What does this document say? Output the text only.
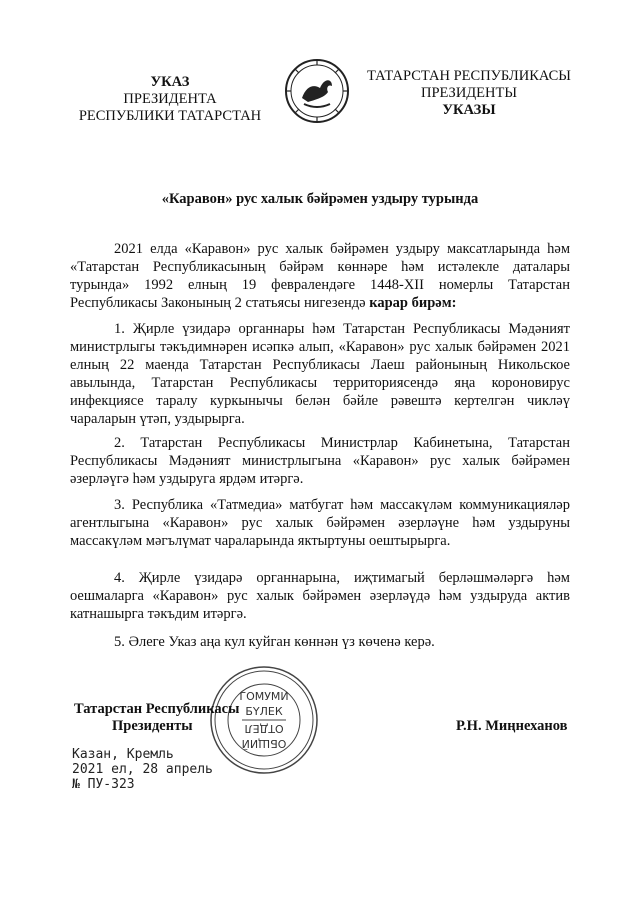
УКАЗ
ПРЕЗИДЕНТА
РЕСПУБЛИКИ ТАТАРСТАН
ТАТАРСТАН РЕСПУБЛИКАСЫ
ПРЕЗИДЕНТЫ
УКАЗЫ
«Каравон» рус халык бәйрәмен уздыру турында
2021 елда «Каравон» рус халык бәйрәмен уздыру максатларында һәм «Татарстан Республикасының бәйрәм көннәре һәм истәлекле даталары турында» 1992 елның 19 февралендәге 1448-XII номерлы Татарстан Республикасы Законының 2 статьясы нигезендә карар бирәм:
1. Җирле үзидарә органнары һәм Татарстан Республикасы Мәдәният министрлыгы тәкъдимнәрен исәпкә алып, «Каравон» рус халык бәйрәмен 2021 елның 22 маенда Татарстан Республикасы Лаеш районының Никольское авылында, Татарстан Республикасы территориясендә яңа короновирус инфекциясе таралу куркынычы белән бәйле рәвештә кертелгән чикләү чараларын үтәп, уздырырга.
2. Татарстан Республикасы Министрлар Кабинетына, Татарстан Республикасы Мәдәният министрлыгына «Каравон» рус халык бәйрәмен әзерләүгә һәм уздыруга ярдәм итәргә.
3. Республика «Татмедиа» матбугат һәм массакүләм коммуникацияләр агентлыгына «Каравон» рус халык бәйрәмен әзерләүне һәм уздыруны массакүләм мәгълүмат чараларында яктыртуны оештырырга.
4. Җирле үзидарә органнарына, иҗтимагый берләшмәләргә һәм оешмаларга «Каравон» рус халык бәйрәмен әзерләүдә һәм уздыруда актив катнашырга тәкъдим итәргә.
5. Әлеге Указ аңа кул куйган көннән үз көченә керә.
ГОМУМИ
БҮЛЕК
ОТДЕЛ
ОБЩИЙ
Татарстан Республикасы
Президенты	Р.Н. Миңнеханов
Казан, Кремль
2021 ел, 28 апрель
№ ПУ-323
